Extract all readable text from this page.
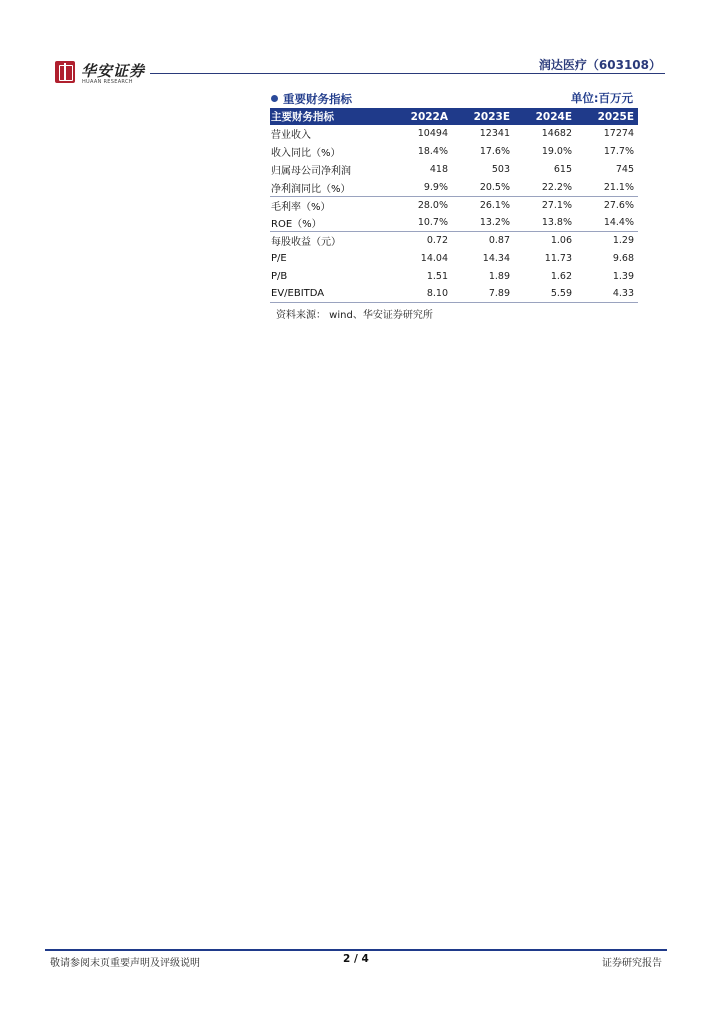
华安证券
HUAAN RESEARCH
润达医疗（603108）
重要财务指标	单位:百万元
主要财务指标	2022A	2023E	2024E	2025E
营业收入	10494	12341	14682	17274
收入同比（%）	18.4%	17.6%	19.0%	17.7%
归属母公司净利润	418	503	615	745
净利润同比（%）	9.9%	20.5%	22.2%	21.1%
毛利率（%）	28.0%	26.1%	27.1%	27.6%
ROE（%）	10.7%	13.2%	13.8%	14.4%
每股收益（元）	0.72	0.87	1.06	1.29
P/E	14.04	14.34	11.73	9.68
P/B	1.51	1.89	1.62	1.39
EV/EBITDA	8.10	7.89	5.59	4.33
资料来源： wind、华安证券研究所
敬请参阅末页重要声明及评级说明	2 / 4	证券研究报告
